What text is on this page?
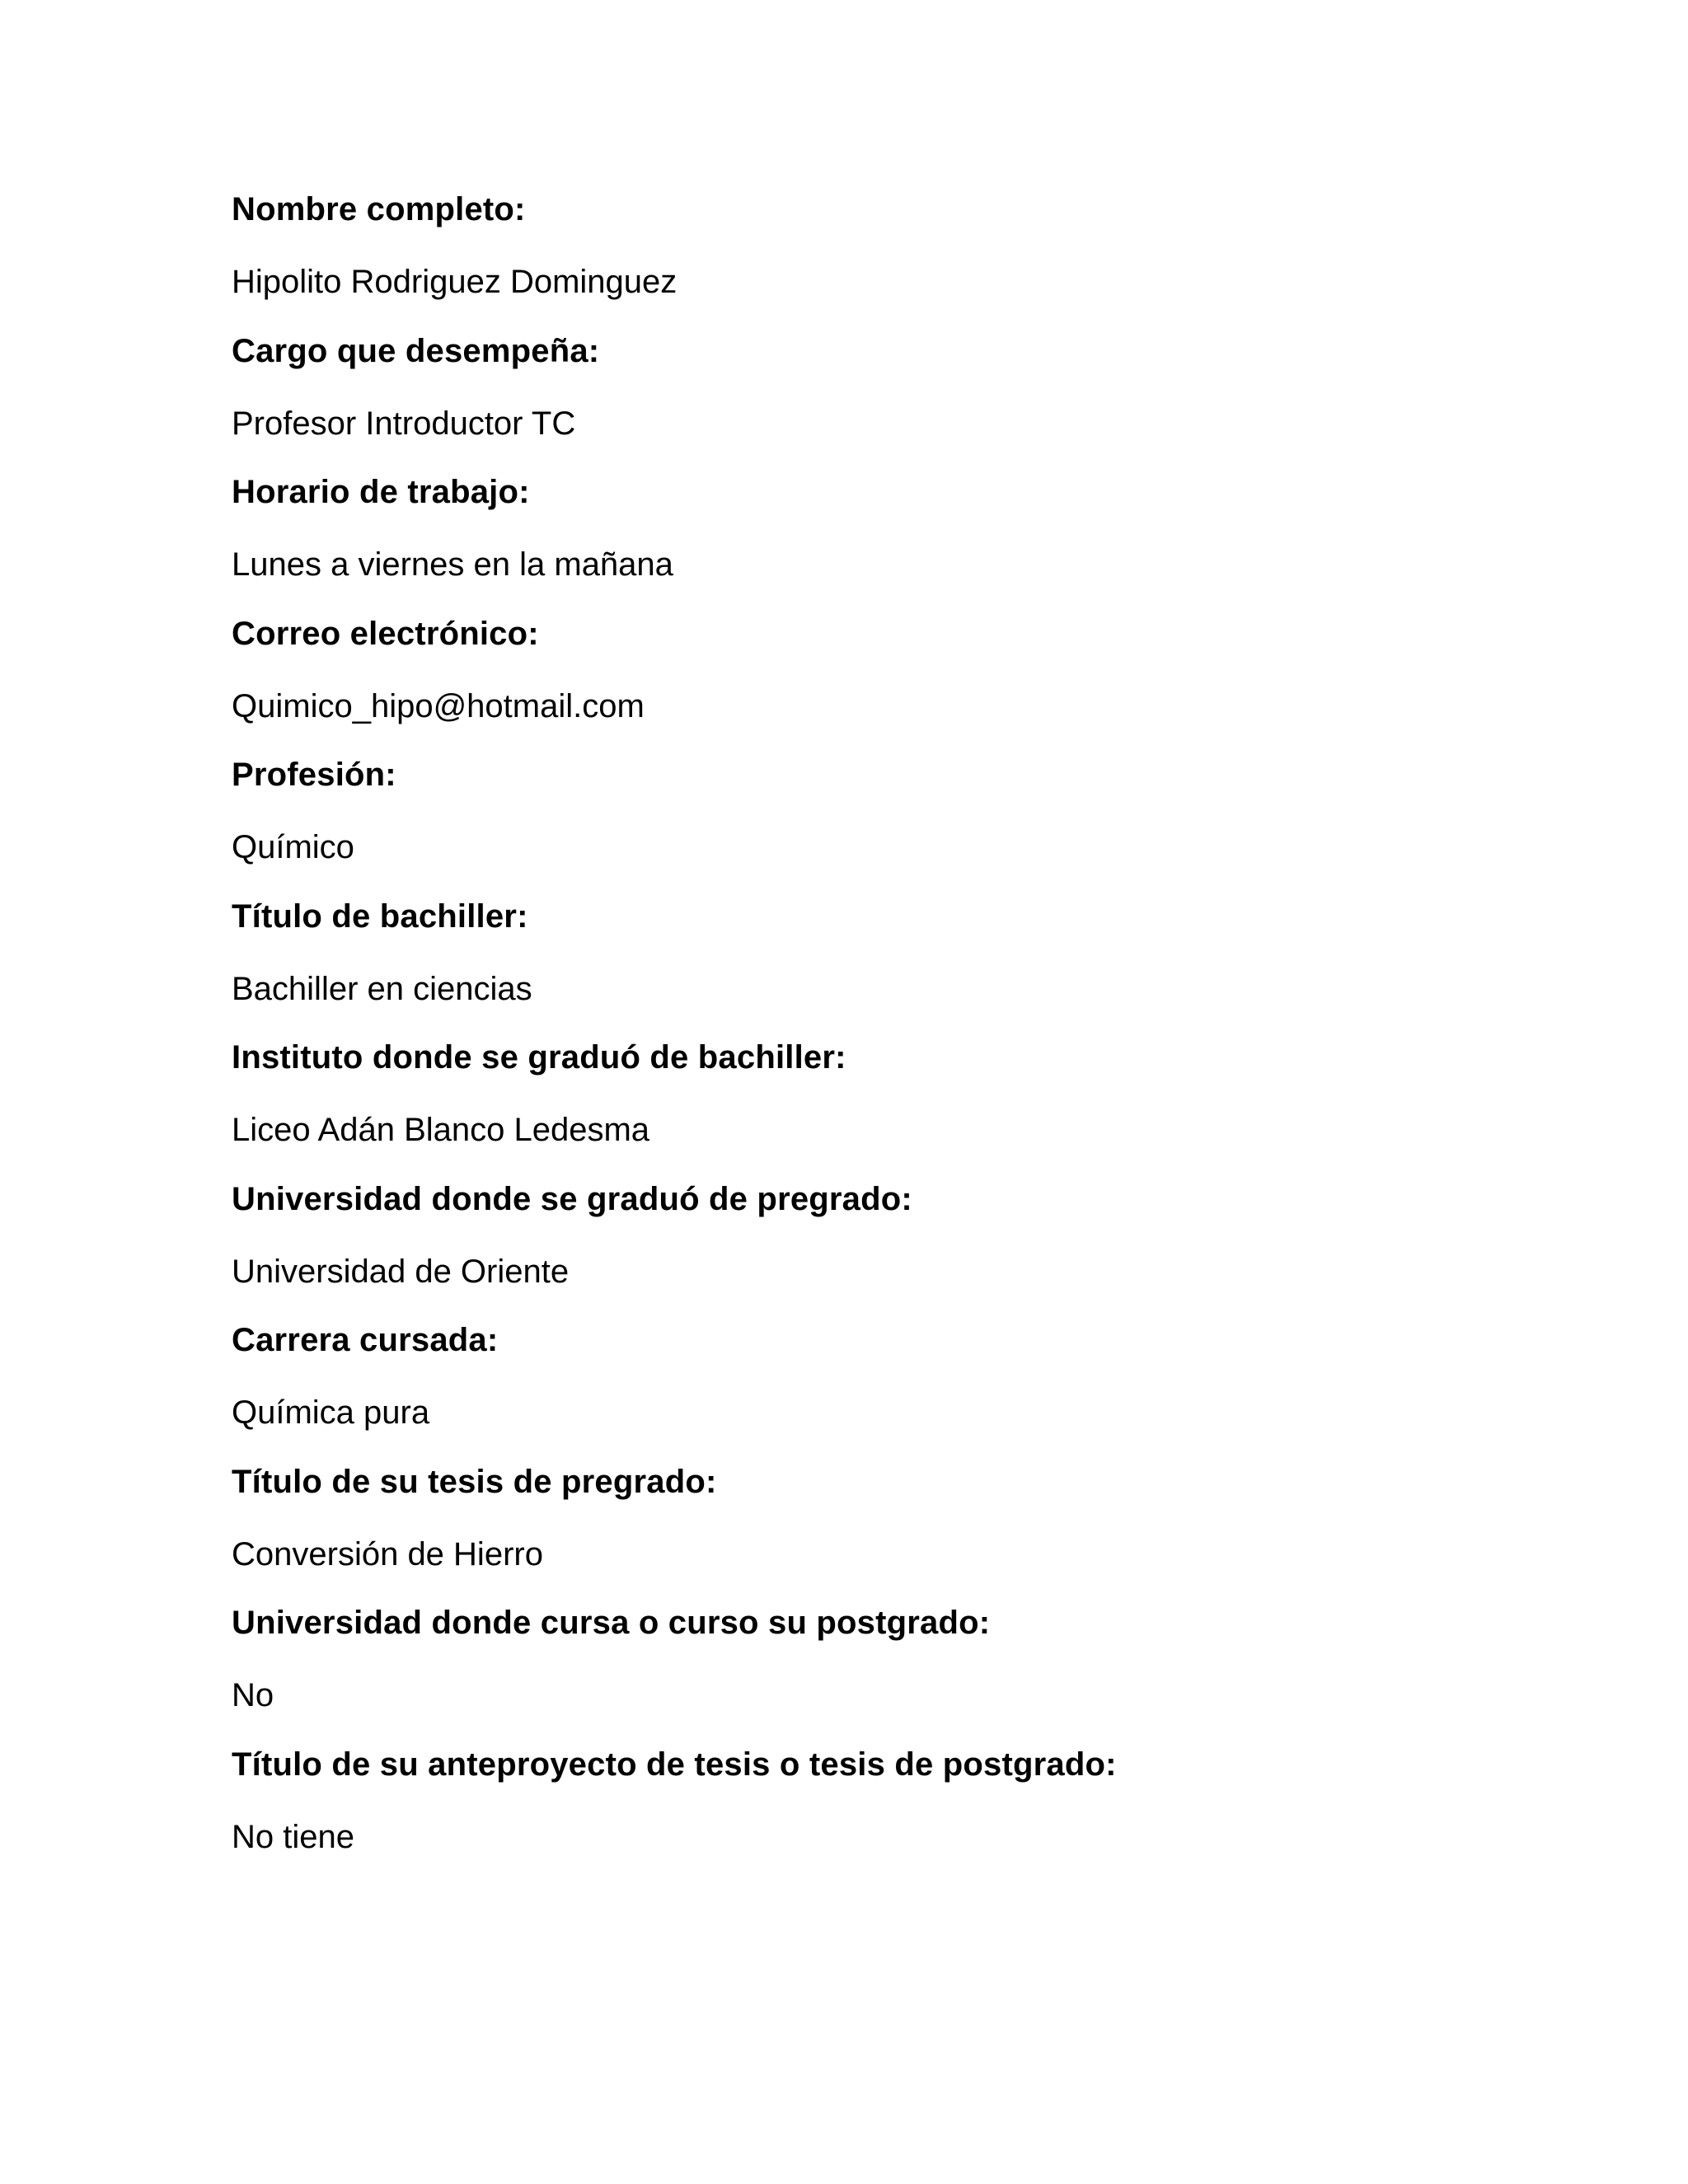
Nombre completo:
Hipolito Rodriguez Dominguez
Cargo que desempeña:
Profesor Introductor TC
Horario de trabajo:
Lunes a viernes en la mañana
Correo electrónico:
Quimico_hipo@hotmail.com
Profesión:
Químico
Título de bachiller:
Bachiller en ciencias
Instituto donde se graduó de bachiller:
Liceo Adán Blanco Ledesma
Universidad donde se graduó de pregrado:
Universidad de Oriente
Carrera cursada:
Química pura
Título de su tesis de pregrado:
Conversión de Hierro
Universidad donde cursa o curso su postgrado:
No
Título de su anteproyecto de tesis o tesis de postgrado:
No tiene
